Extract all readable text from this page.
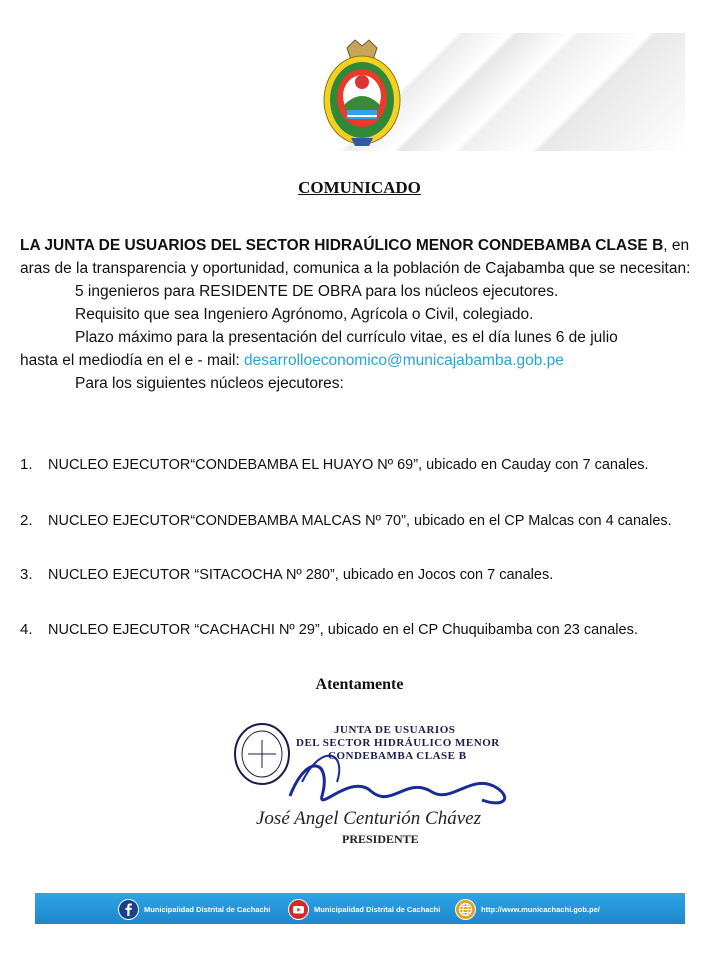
COMUNICADO
LA JUNTA DE USUARIOS DEL SECTOR HIDRAÚLICO MENOR CONDEBAMBA CLASE B, en aras de la transparencia y oportunidad, comunica a la población de Cajabamba que se necesitan:
5 ingenieros para RESIDENTE DE OBRA para los núcleos ejecutores.
Requisito que sea Ingeniero Agrónomo, Agrícola o Civil, colegiado.
Plazo máximo para la presentación del currículo vitae, es el día lunes 6 de julio
hasta el mediodía en el e - mail: desarrolloeconomico@municajabamba.gob.pe
Para los siguientes núcleos ejecutores:
1. NUCLEO EJECUTOR“CONDEBAMBA EL HUAYO Nº 69”, ubicado en Cauday con 7 canales.
2. NUCLEO EJECUTOR“CONDEBAMBA MALCAS Nº 70”, ubicado en el CP Malcas con 4 canales.
3. NUCLEO EJECUTOR “SITACOCHA Nº 280”, ubicado en Jocos con 7 canales.
4. NUCLEO EJECUTOR “CACHACHI Nº 29”, ubicado en el CP Chuquibamba con 23 canales.
Atentamente
JUNTA DE USUARIOS
DEL SECTOR HIDRÁULICO MENOR
CONDEBAMBA CLASE B
José Angel Centurión Chávez
PRESIDENTE
Municipalidad Distrital de Cachachi	Municipalidad Distrital de Cachachi	http://www.municachachi.gob.pe/
